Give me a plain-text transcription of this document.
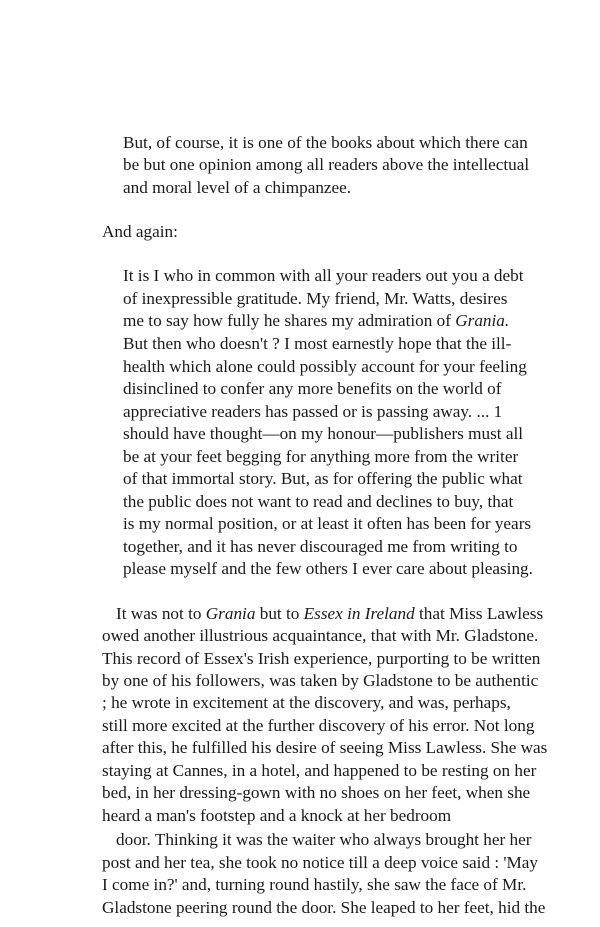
But, of course, it is one of the books about which there can
be but one opinion among all readers above the intellectual
and moral level of a chimpanzee.
And again:
It is I who in common with all your readers out you a debt
of inexpressible gratitude. My friend, Mr. Watts, desires
me to say how fully he shares my admiration of Grania.
But then who doesn't ? I most earnestly hope that the ill-
health which alone could possibly account for your feeling
disinclined to confer any more benefits on the world of
appreciative readers has passed or is passing away. ... 1
should have thought—on my honour—publishers must all
be at your feet begging for anything more from the writer
of that immortal story. But, as for offering the public what
the public does not want to read and declines to buy, that
is my normal position, or at least it often has been for years
together, and it has never discouraged me from writing to
please myself and the few others I ever care about pleasing.
It was not to Grania but to Essex in Ireland that Miss Lawless
owed another illustrious acquaintance, that with Mr. Gladstone.
This record of Essex's Irish experience, purporting to be written
by one of his followers, was taken by Gladstone to be authentic
; he wrote in excitement at the discovery, and was, perhaps,
still more excited at the further discovery of his error. Not long
after this, he fulfilled his desire of seeing Miss Lawless. She was
staying at Cannes, in a hotel, and happened to be resting on her
bed, in her dressing-gown with no shoes on her feet, when she
heard a man's footstep and a knock at her bedroom
door. Thinking it was the waiter who always brought her her
post and her tea, she took no notice till a deep voice said : 'May
I come in?' and, turning round hastily, she saw the face of Mr.
Gladstone peering round the door. She leaped to her feet, hid the
